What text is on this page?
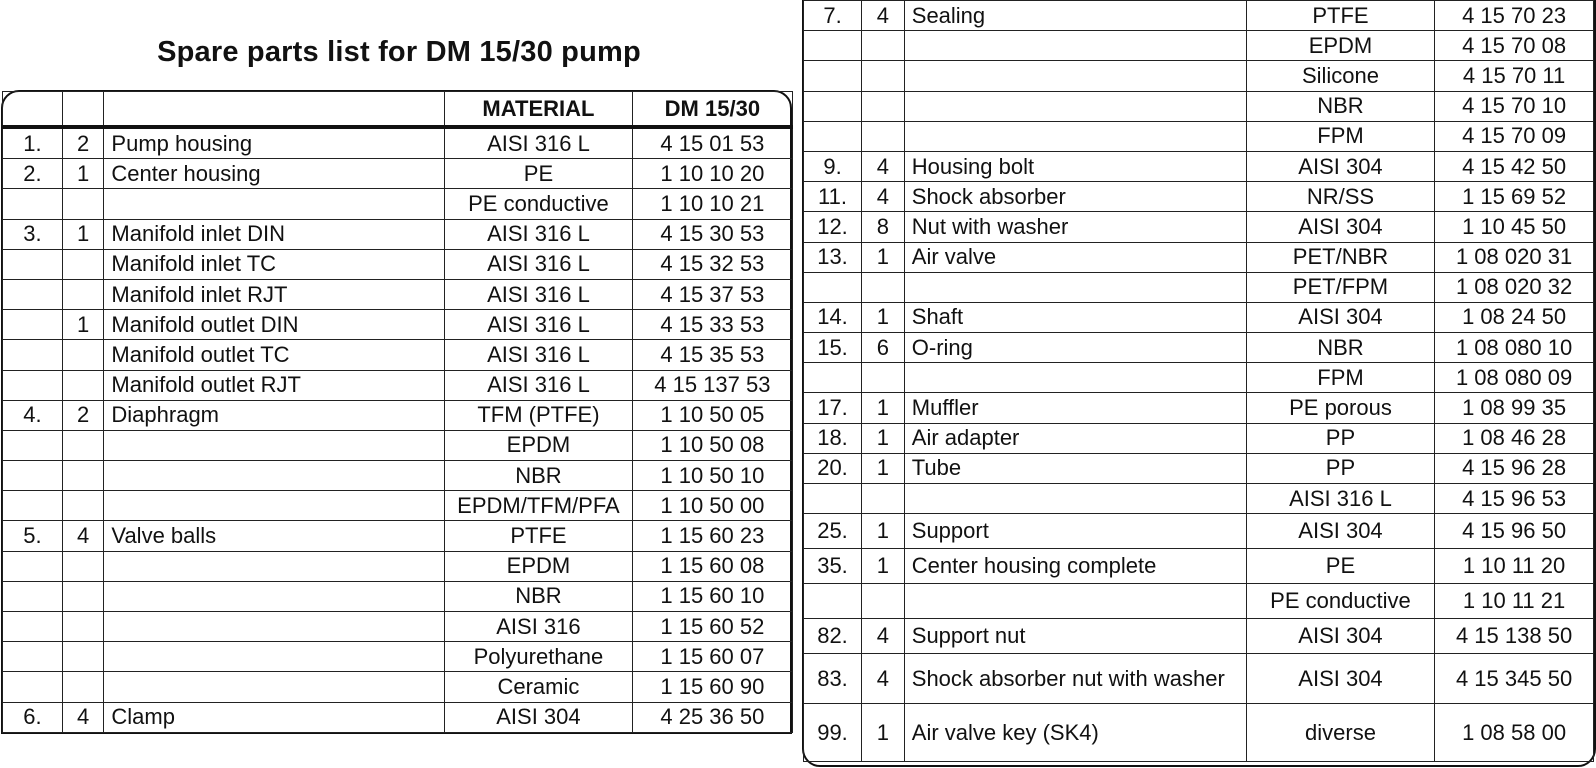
Spare parts list for DM 15/30 pump
			MATERIAL	DM 15/30
1.	2	Pump housing	AISI 316 L	4 15 01 53
2.	1	Center housing	PE	1 10 10 20
			PE conductive	1 10 10 21
3.	1	Manifold inlet DIN	AISI 316 L	4 15 30 53
		Manifold inlet TC	AISI 316 L	4 15 32 53
		Manifold inlet RJT	AISI 316 L	4 15 37 53
	1	Manifold outlet DIN	AISI 316 L	4 15 33 53
		Manifold outlet TC	AISI 316 L	4 15 35 53
		Manifold outlet RJT	AISI 316 L	4 15 137 53
4.	2	Diaphragm	TFM (PTFE)	1 10 50 05
			EPDM	1 10 50 08
			NBR	1 10 50 10
			EPDM/TFM/PFA	1 10 50 00
5.	4	Valve balls	PTFE	1 15 60 23
			EPDM	1 15 60 08
			NBR	1 15 60 10
			AISI 316	1 15 60 52
			Polyurethane	1 15 60 07
			Ceramic	1 15 60 90
6.	4	Clamp	AISI 304	4 25 36 50
7.	4	Sealing	PTFE	4 15 70 23
			EPDM	4 15 70 08
			Silicone	4 15 70 11
			NBR	4 15 70 10
			FPM	4 15 70 09
9.	4	Housing bolt	AISI 304	4 15 42 50
11.	4	Shock absorber	NR/SS	1 15 69 52
12.	8	Nut with washer	AISI 304	1 10 45 50
13.	1	Air valve	PET/NBR	1 08 020 31
			PET/FPM	1 08 020 32
14.	1	Shaft	AISI 304	1 08 24 50
15.	6	O-ring	NBR	1 08 080 10
			FPM	1 08 080 09
17.	1	Muffler	PE porous	1 08 99 35
18.	1	Air adapter	PP	1 08 46 28
20.	1	Tube	PP	4 15 96 28
			AISI 316 L	4 15 96 53
25.	1	Support	AISI 304	4 15 96 50
35.	1	Center housing complete	PE	1 10 11 20
			PE conductive	1 10 11 21
82.	4	Support nut	AISI 304	4 15 138 50
83.	4	Shock absorber nut with washer	AISI 304	4 15 345 50
99.	1	Air valve key (SK4)	diverse	1 08 58 00
